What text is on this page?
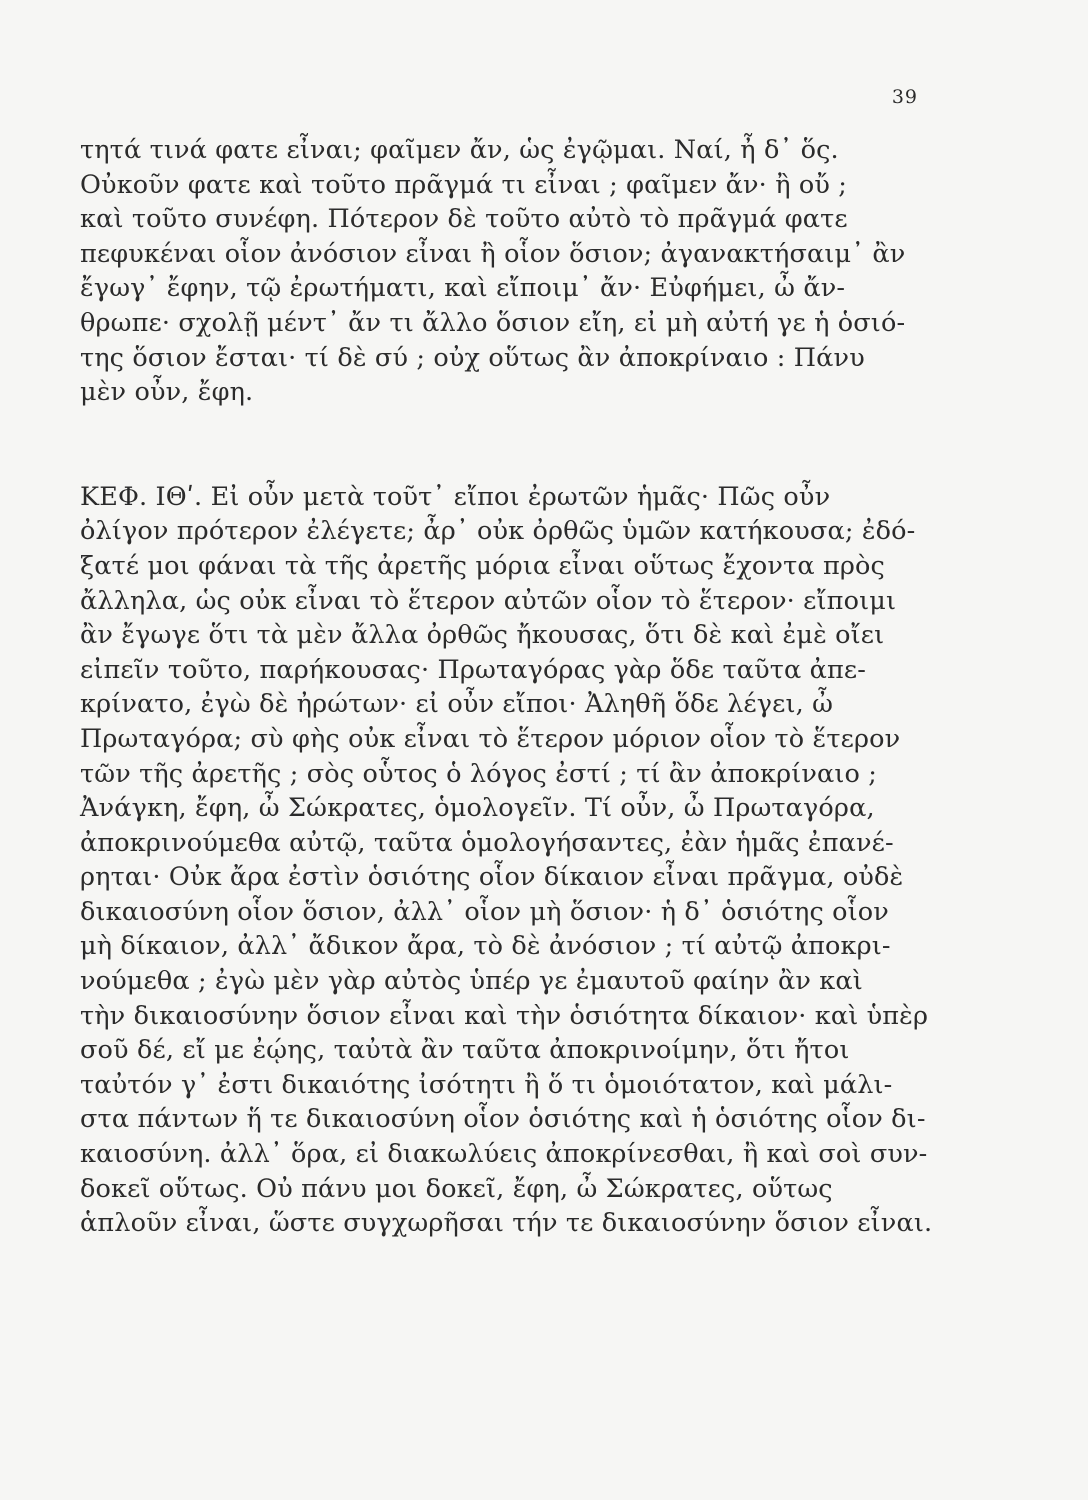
39
τητά τινά φατε εἶναι; φαῖμεν ἄν, ὡς ἐγῷμαι. Ναί, ἦ δ᾽ ὅς.
Οὐκοῦν φατε καὶ τοῦτο πρᾶγμά τι εἶναι ; φαῖμεν ἄν· ἢ οὔ ;
καὶ τοῦτο συνέφη. Πότερον δὲ τοῦτο αὐτὸ τὸ πρᾶγμά φατε
πεφυκέναι οἷον ἀνόσιον εἶναι ἢ οἷον ὅσιον; ἀγανακτήσαιμ᾽ ἂν
ἔγωγ᾽ ἔφην, τῷ ἐρωτήματι, καὶ εἴποιμ᾽ ἄν· Εὐφήμει, ὦ ἄν-
θρωπε· σχολῇ μέντ᾽ ἄν τι ἄλλο ὅσιον εἴη, εἰ μὴ αὐτή γε ἡ ὁσιό-
της ὅσιον ἔσται· τί δὲ σύ ; οὐχ οὕτως ἂν ἀποκρίναιο : Πάνυ
μὲν οὖν, ἔφη.
ΚΕΦ. ΙΘʹ. Εἰ οὖν μετὰ τοῦτ᾽ εἴποι ἐρωτῶν ἡμᾶς· Πῶς οὖν
ὀλίγον πρότερον ἐλέγετε; ἆρ᾽ οὐκ ὀρθῶς ὑμῶν κατήκουσα; ἐδό-
ξατέ μοι φάναι τὰ τῆς ἀρετῆς μόρια εἶναι οὕτως ἔχοντα πρὸς
ἄλληλα, ὡς οὐκ εἶναι τὸ ἕτερον αὐτῶν οἷον τὸ ἕτερον· εἴποιμι
ἂν ἔγωγε ὅτι τὰ μὲν ἄλλα ὀρθῶς ἤκουσας, ὅτι δὲ καὶ ἐμὲ οἴει
εἰπεῖν τοῦτο, παρήκουσας· Πρωταγόρας γὰρ ὅδε ταῦτα ἀπε-
κρίνατο, ἐγὼ δὲ ἠρώτων· εἰ οὖν εἴποι· Ἀληθῆ ὅδε λέγει, ὦ
Πρωταγόρα; σὺ φὴς οὐκ εἶναι τὸ ἕτερον μόριον οἷον τὸ ἕτερον
τῶν τῆς ἀρετῆς ; σὸς οὗτος ὁ λόγος ἐστί ; τί ἂν ἀποκρίναιο ;
Ἀνάγκη, ἔφη, ὦ Σώκρατες, ὁμολογεῖν. Τί οὖν, ὦ Πρωταγόρα,
ἀποκρινούμεθα αὐτῷ, ταῦτα ὁμολογήσαντες, ἐὰν ἡμᾶς ἐπανέ-
ρηται· Οὐκ ἄρα ἐστὶν ὁσιότης οἷον δίκαιον εἶναι πρᾶγμα, οὐδὲ
δικαιοσύνη οἷον ὅσιον, ἀλλ᾽ οἷον μὴ ὅσιον· ἡ δ᾽ ὁσιότης οἷον
μὴ δίκαιον, ἀλλ᾽ ἄδικον ἄρα, τὸ δὲ ἀνόσιον ; τί αὐτῷ ἀποκρι-
νούμεθα ; ἐγὼ μὲν γὰρ αὐτὸς ὑπέρ γε ἐμαυτοῦ φαίην ἂν καὶ
τὴν δικαιοσύνην ὅσιον εἶναι καὶ τὴν ὁσιότητα δίκαιον· καὶ ὑπὲρ
σοῦ δέ, εἴ με ἐῴης, ταὐτὰ ἂν ταῦτα ἀποκρινοίμην, ὅτι ἤτοι
ταὐτόν γ᾽ ἐστι δικαιότης ἰσότητι ἢ ὅ τι ὁμοιότατον, καὶ μάλι-
στα πάντων ἥ τε δικαιοσύνη οἷον ὁσιότης καὶ ἡ ὁσιότης οἷον δι-
καιοσύνη. ἀλλ᾽ ὅρα, εἰ διακωλύεις ἀποκρίνεσθαι, ἢ καὶ σοὶ συν-
δοκεῖ οὕτως. Οὐ πάνυ μοι δοκεῖ, ἔφη, ὦ Σώκρατες, οὕτως
ἁπλοῦν εἶναι, ὥστε συγχωρῆσαι τήν τε δικαιοσύνην ὅσιον εἶναι.
